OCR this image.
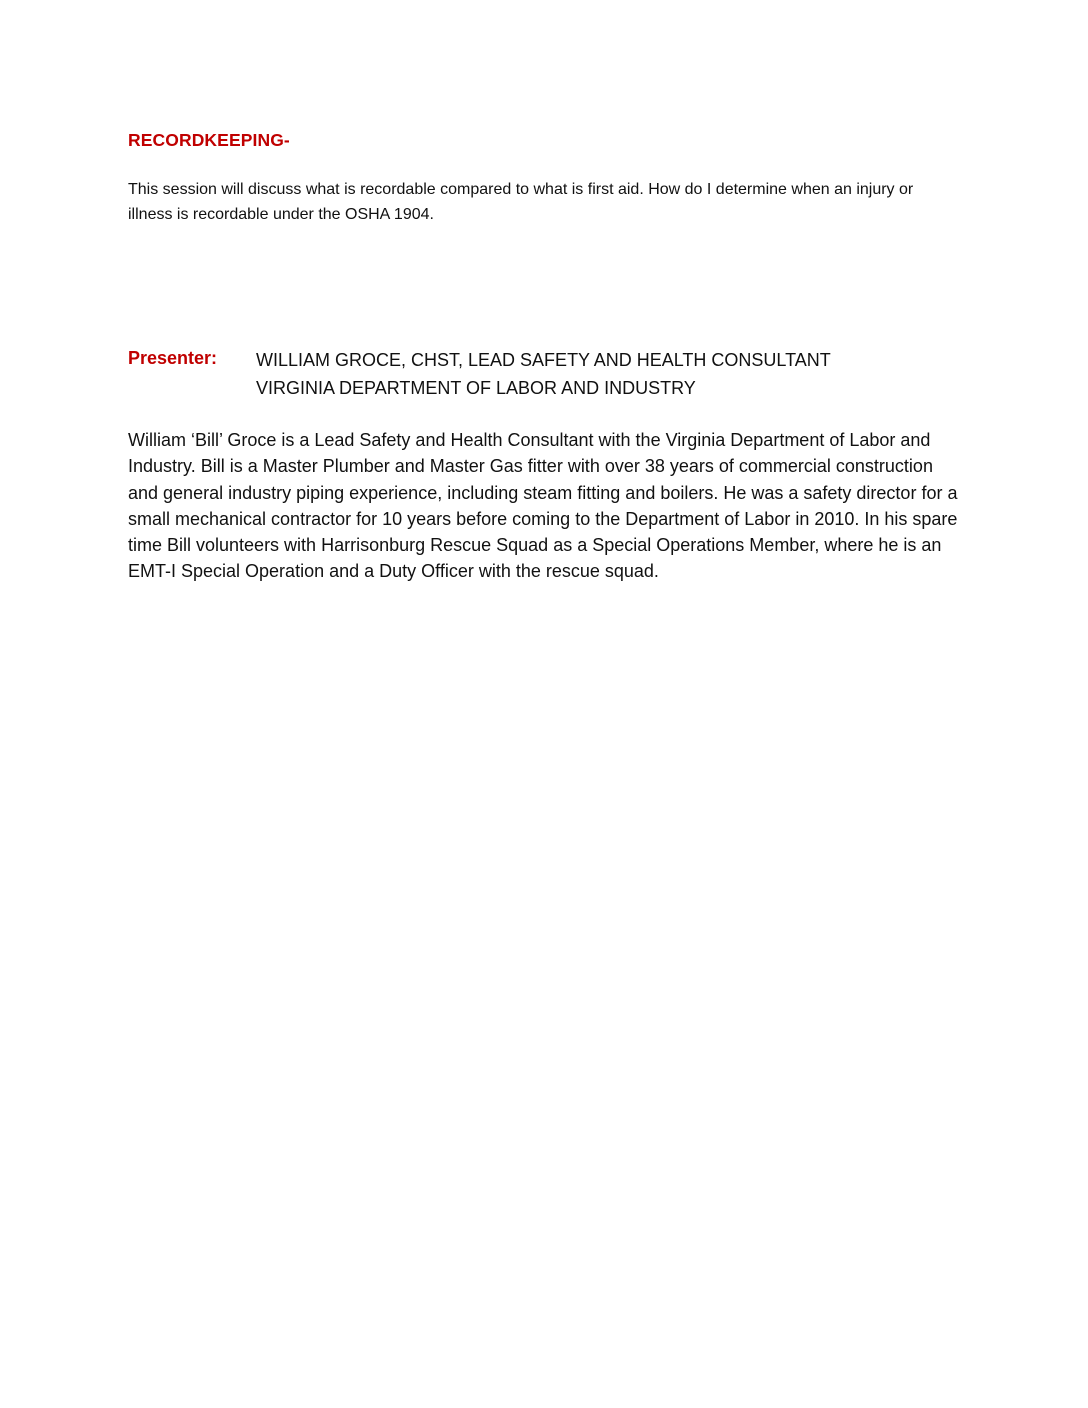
RECORDKEEPING-

This session will discuss what is recordable compared to what is first aid. How do I determine when an injury or illness is recordable under the OSHA 1904.

Presenter: WILLIAM GROCE, CHST, LEAD SAFETY AND HEALTH CONSULTANT
VIRGINIA DEPARTMENT OF LABOR AND INDUSTRY

William ‘Bill’ Groce is a Lead Safety and Health Consultant with the Virginia Department of Labor and Industry. Bill is a Master Plumber and Master Gas fitter with over 38 years of commercial construction and general industry piping experience, including steam fitting and boilers. He was a safety director for a small mechanical contractor for 10 years before coming to the Department of Labor in 2010. In his spare time Bill volunteers with Harrisonburg Rescue Squad as a Special Operations Member, where he is an EMT-I Special Operation and a Duty Officer with the rescue squad.
